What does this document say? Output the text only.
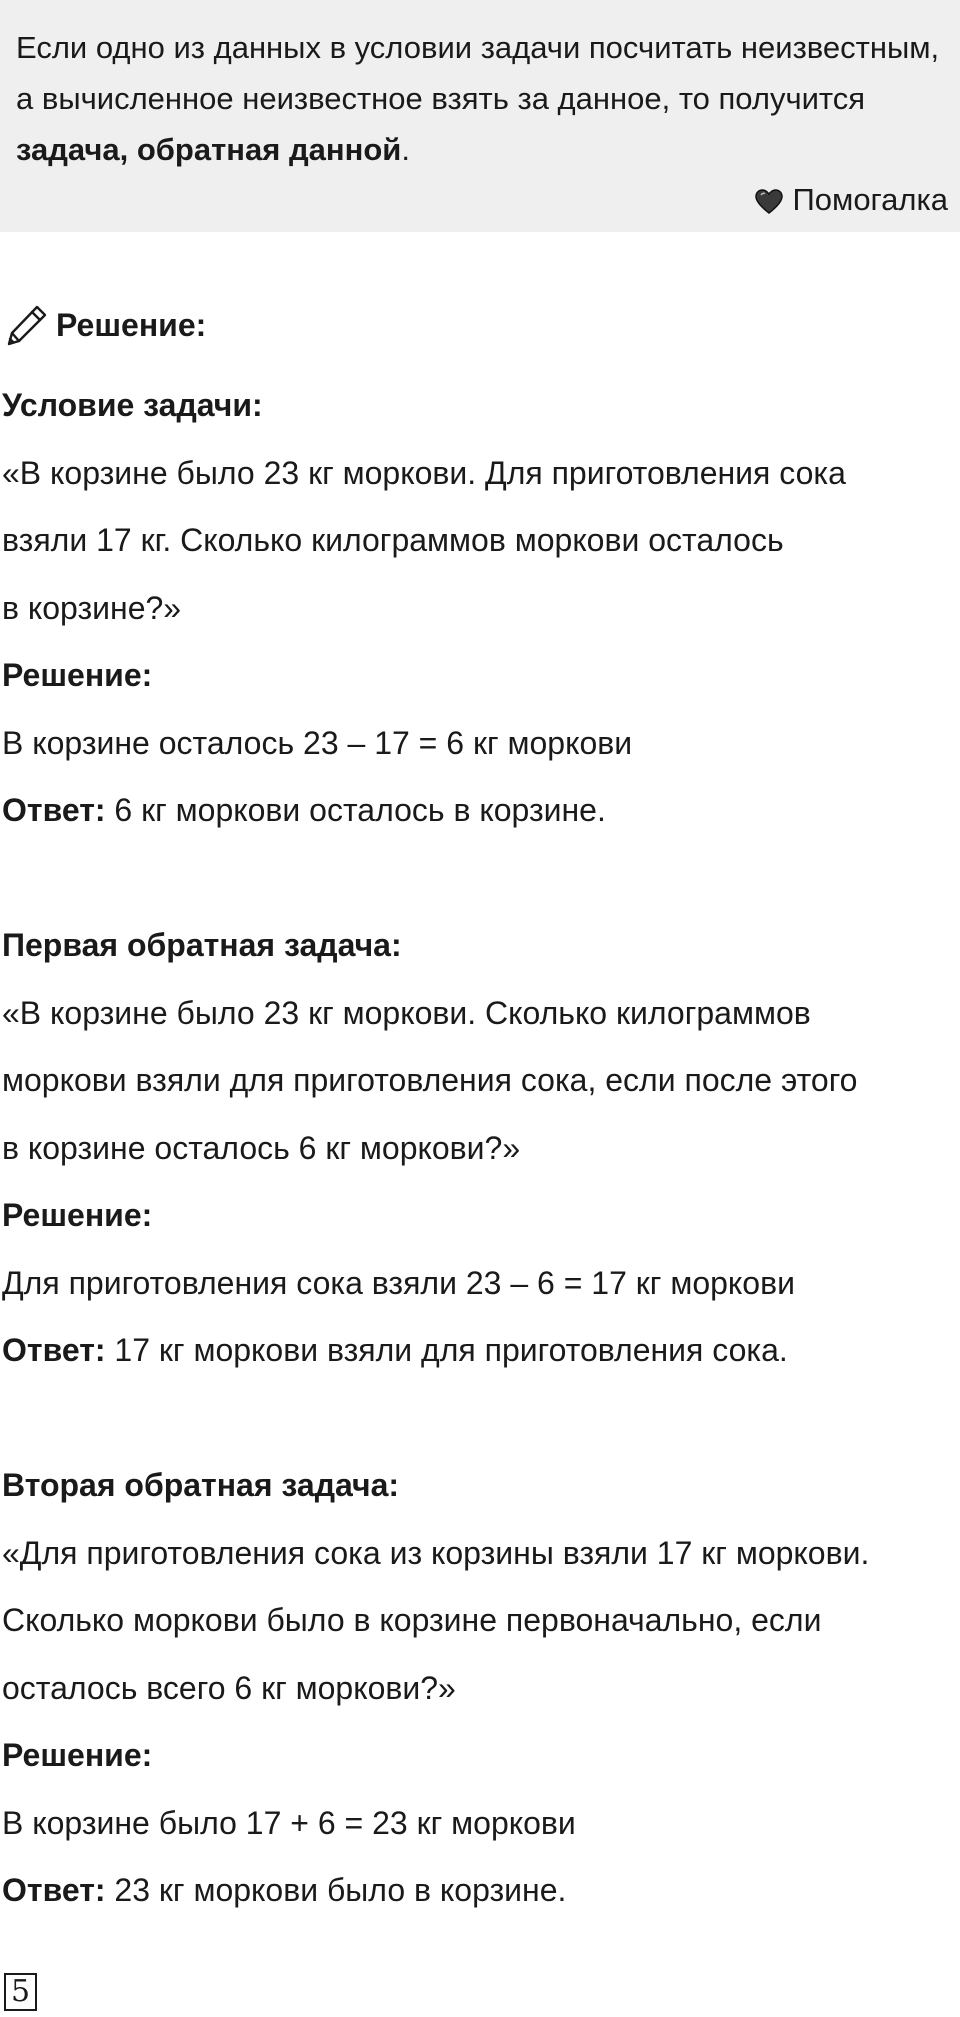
Если одно из данных в условии задачи посчитать неизвестным, а вычисленное неизвестное взять за данное, то получится задача, обратная данной.

Помогалка
Решение:
Условие задачи:
«В корзине было 23 кг моркови. Для приготовления сока
взяли 17 кг. Сколько килограммов моркови осталось
в корзине?»
Решение:
В корзине осталось 23 – 17 = 6 кг моркови
Ответ: 6 кг моркови осталось в корзине.
Первая обратная задача:
«В корзине было 23 кг моркови. Сколько килограммов
моркови взяли для приготовления сока, если после этого
в корзине осталось 6 кг моркови?»
Решение:
Для приготовления сока взяли 23 – 6 = 17 кг моркови
Ответ: 17 кг моркови взяли для приготовления сока.
Вторая обратная задача:
«Для приготовления сока из корзины взяли 17 кг моркови.
Сколько моркови было в корзине первоначально, если
осталось всего 6 кг моркови?»
Решение:
В корзине было 17 + 6 = 23 кг моркови
Ответ: 23 кг моркови было в корзине.
5
